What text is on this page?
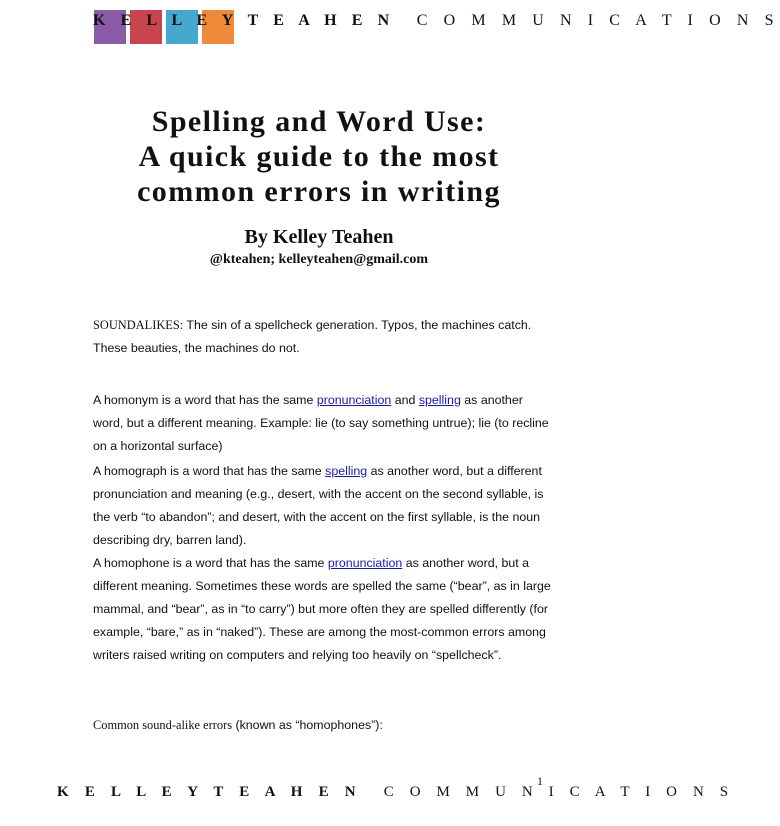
K E L L E Y T E A H E N C O M M U N I C A T I O N S
Spelling and Word Use:
A quick guide to the most
common errors in writing
By Kelley Teahen
@kteahen; kelleyteahen@gmail.com

SOUNDALIKES: The sin of a spellcheck generation. Typos, the machines catch. These beauties, the machines do not.

A homonym is a word that has the same pronunciation and spelling as another word, but a different meaning. Example: lie (to say something untrue); lie (to recline on a horizontal surface)

A homograph is a word that has the same spelling as another word, but a different pronunciation and meaning (e.g., desert, with the accent on the second syllable, is the verb “to abandon”; and desert, with the accent on the first syllable, is the noun describing dry, barren land).

A homophone is a word that has the same pronunciation as another word, but a different meaning. Sometimes these words are spelled the same (“bear”, as in large mammal, and “bear”, as in “to carry”) but more often they are spelled differently (for example, “bare,” as in “naked”). These are among the most-common errors among writers raised writing on computers and relying too heavily on “spellcheck”.

Common sound-alike errors (known as “homophones”):

1
K E L L E Y T E A H E N C O M M U N I C A T I O N S
